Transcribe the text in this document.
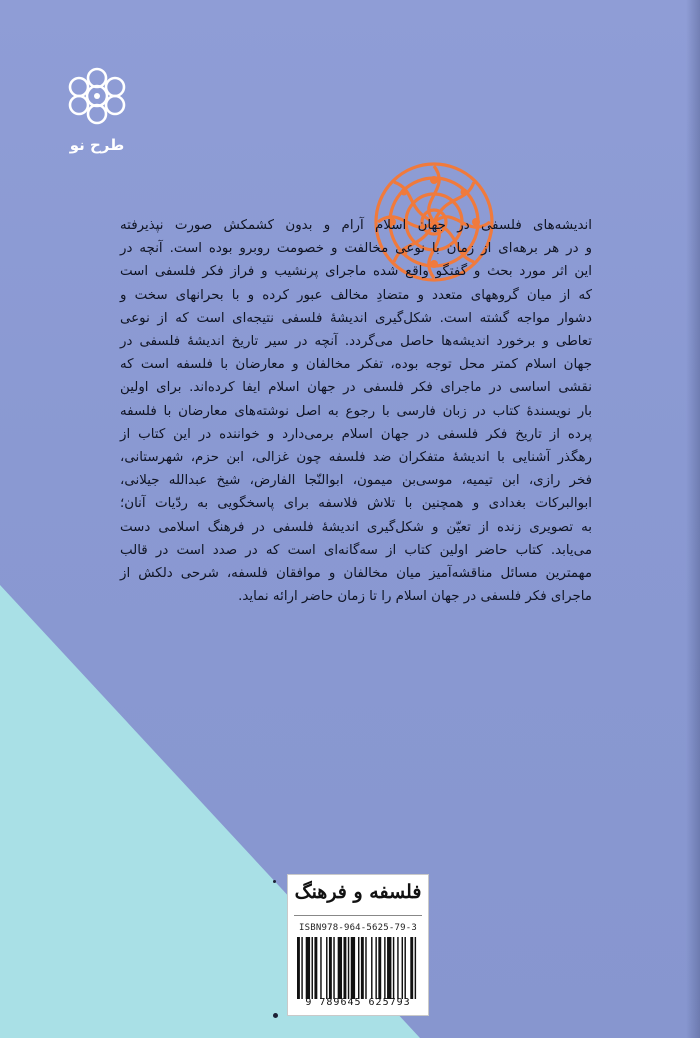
طرح نو

اندیشه‌های فلسفی در جهان اسلام آرام و بدون کشمکش صورت نپذیرفته
و در هر برهه‌ای از زمان با نوعی مخالفت و خصومت روبرو بوده است. آنچه در
این اثر مورد بحث و گفتگو واقع شده ماجرای پرنشیب و فراز فکر فلسفی است
که از میان گروههای متعدد و متضادِ مخالف عبور کرده و با بحرانهای سخت و
دشوار مواجه گشته است. شکل‌گیری اندیشهٔ فلسفی نتیجه‌ای است که از نوعی
تعاطی و برخورد اندیشه‌ها حاصل می‌گردد. آنچه در سیر تاریخ اندیشهٔ فلسفی در
جهان اسلام کمتر محل توجه بوده، تفکر مخالفان و معارضان با فلسفه است که
نقشی اساسی در ماجرای فکر فلسفی در جهان اسلام ایفا کرده‌اند. برای اولین
بار نویسندهٔ کتاب در زبان فارسی با رجوع به اصل نوشته‌های معارضان با فلسفه
پرده از تاریخ فکر فلسفی در جهان اسلام برمی‌دارد و خواننده در این کتاب از
رهگذر آشنایی با اندیشهٔ متفکران ضد فلسفه چون غزالی، ابن حزم، شهرستانی،
فخر رازی، ابن تیمیه، موسی‌بن میمون، ابوالنّجا الفارض، شیخ عبدالله جیلانی،
ابوالبرکات بغدادی و همچنین با تلاش فلاسفه برای پاسخگویی به ردّیات آنان؛
به تصویری زنده از تعیّن و شکل‌گیری اندیشهٔ فلسفی در فرهنگ اسلامی دست
می‌یابد. کتاب حاضر اولین کتاب از سه‌گانه‌ای است که در صدد است در قالب
مهمترین مسائل مناقشه‌آمیز میان مخالفان و موافقان فلسفه، شرحی دلکش از
ماجرای فکر فلسفی در جهان اسلام را تا زمان حاضر ارائه نماید.

فلسفه و فرهنگ
ISBN978-964-5625-79-3
9 789645 625793
